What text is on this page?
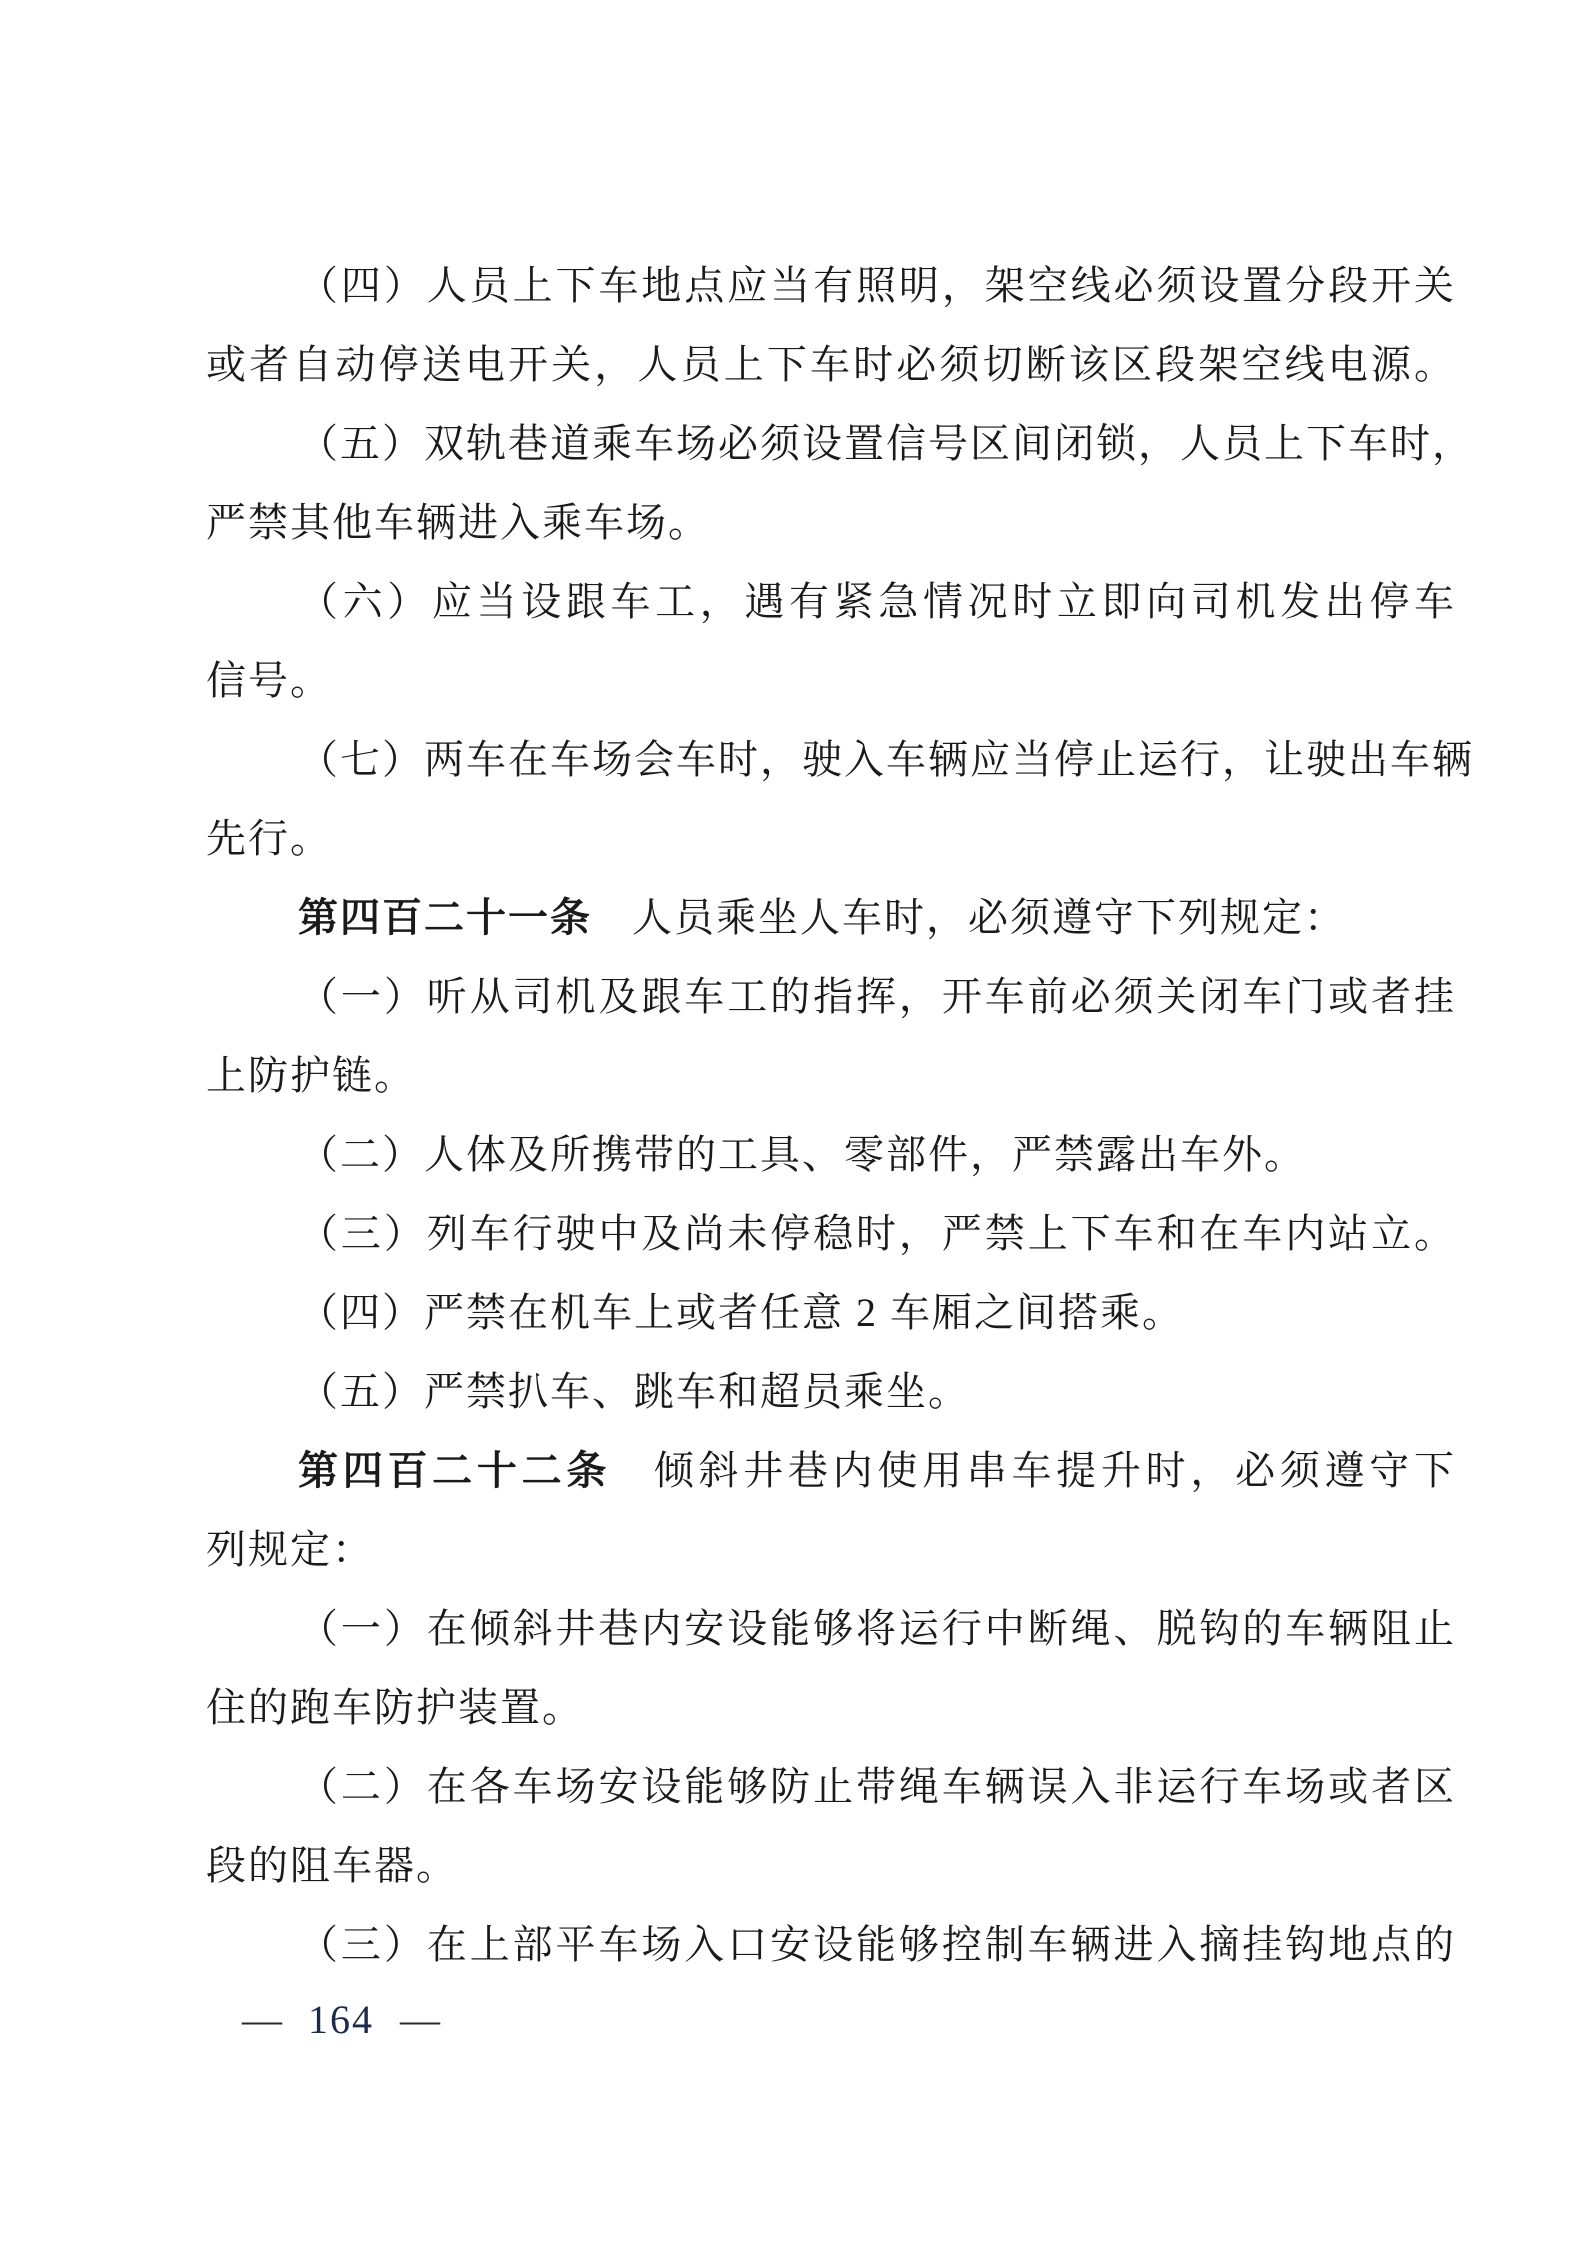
（四）人员上下车地点应当有照明，架空线必须设置分段开关
或者自动停送电开关，人员上下车时必须切断该区段架空线电源。
（五）双轨巷道乘车场必须设置信号区间闭锁，人员上下车时，
严禁其他车辆进入乘车场。
（六）应当设跟车工，遇有紧急情况时立即向司机发出停车
信号。
（七）两车在车场会车时，驶入车辆应当停止运行，让驶出车辆
先行。
第四百二十一条 人员乘坐人车时，必须遵守下列规定：
（一）听从司机及跟车工的指挥，开车前必须关闭车门或者挂
上防护链。
（二）人体及所携带的工具、零部件，严禁露出车外。
（三）列车行驶中及尚未停稳时，严禁上下车和在车内站立。
（四）严禁在机车上或者任意 2 车厢之间搭乘。
（五）严禁扒车、跳车和超员乘坐。
第四百二十二条 倾斜井巷内使用串车提升时，必须遵守下
列规定：
（一）在倾斜井巷内安设能够将运行中断绳、脱钩的车辆阻止
住的跑车防护装置。
（二）在各车场安设能够防止带绳车辆误入非运行车场或者区
段的阻车器。
（三）在上部平车场入口安设能够控制车辆进入摘挂钩地点的
— 164 —
